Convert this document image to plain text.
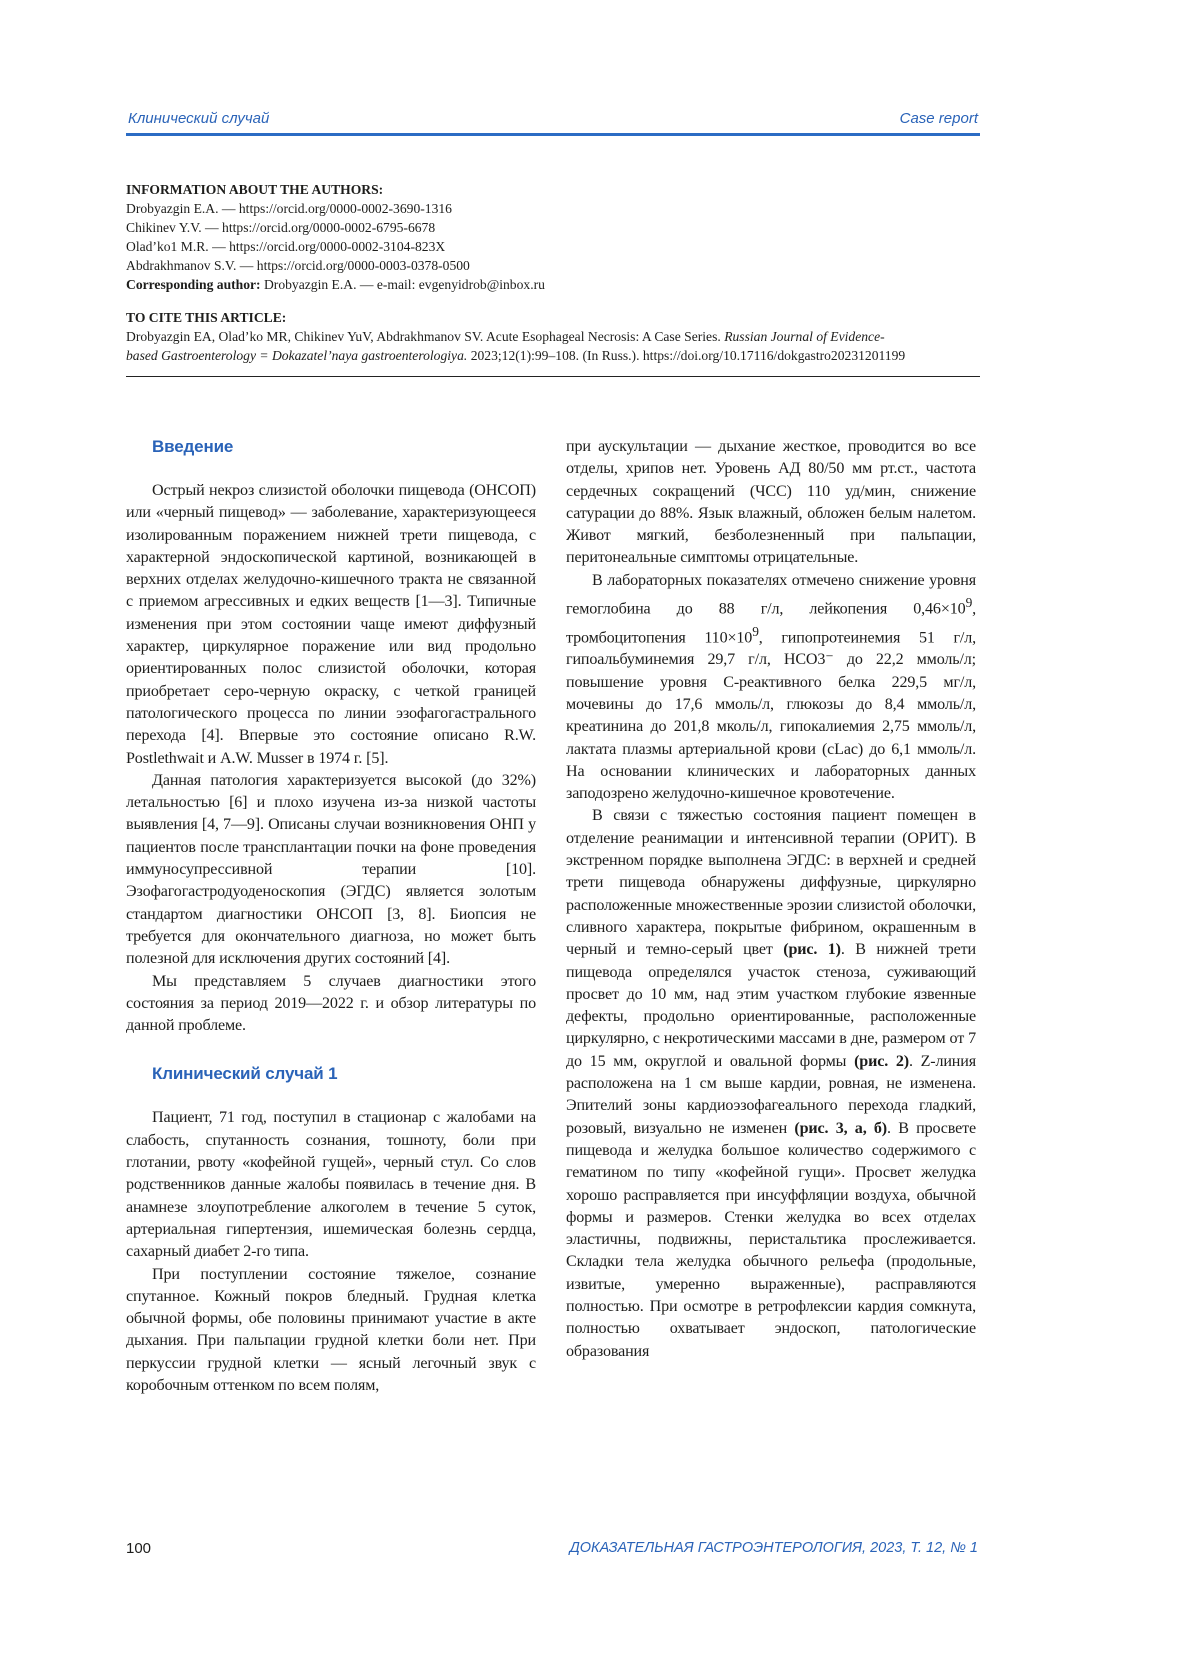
Клинический случай	Case report
INFORMATION ABOUT THE AUTHORS:
Drobyazgin E.A. — https://orcid.org/0000-0002-3690-1316
Chikinev Y.V. — https://orcid.org/0000-0002-6795-6678
Olad’ko1 M.R. — https://orcid.org/0000-0002-3104-823X
Abdrakhmanov S.V. — https://orcid.org/0000-0003-0378-0500
Corresponding author: Drobyazgin E.A. — e-mail: evgenyidrob@inbox.ru
TO CITE THIS ARTICLE:
Drobyazgin EA, Olad’ko MR, Chikinev YuV, Abdrakhmanov SV. Acute Esophageal Necrosis: A Case Series. Russian Journal of Evidence-
based Gastroenterology = Dokazatel’naya gastroenterologiya. 2023;12(1):99–108. (In Russ.). https://doi.org/10.17116/dokgastro20231201199
Введение

Острый некроз слизистой оболочки пищевода (ОНСОП) или «черный пищевод» — заболевание, характеризующееся изолированным поражением нижней трети пищевода, с характерной эндоскопической картиной, возникающей в верхних отделах желудочно-кишечного тракта не связанной с приемом агрессивных и едких веществ [1—3]. Типичные изменения при этом состоянии чаще имеют диффузный характер, циркулярное поражение или вид продольно ориентированных полос слизистой оболочки, которая приобретает серо-черную окраску, с четкой границей патологического процесса по линии эзофагогастрального перехода [4]. Впервые это состояние описано R.W. Postlethwait и A.W. Musser в 1974 г. [5].

Данная патология характеризуется высокой (до 32%) летальностью [6] и плохо изучена из-за низкой частоты выявления [4, 7—9]. Описаны случаи возникновения ОНП у пациентов после трансплантации почки на фоне проведения иммуносупрессивной терапии [10]. Эзофагогастродуоденоскопия (ЭГДС) является золотым стандартом диагностики ОНСОП [3, 8]. Биопсия не требуется для окончательного диагноза, но может быть полезной для исключения других состояний [4].

Мы представляем 5 случаев диагностики этого состояния за период 2019—2022 г. и обзор литературы по данной проблеме.

Клинический случай 1

Пациент, 71 год, поступил в стационар с жалобами на слабость, спутанность сознания, тошноту, боли при глотании, рвоту «кофейной гущей», черный стул. Со слов родственников данные жалобы появилась в течение дня. В анамнезе злоупотребление алкоголем в течение 5 суток, артериальная гипертензия, ишемическая болезнь сердца, сахарный диабет 2-го типа.

При поступлении состояние тяжелое, сознание спутанное. Кожный покров бледный. Грудная клетка обычной формы, обе половины принимают участие в акте дыхания. При пальпации грудной клетки боли нет. При перкуссии грудной клетки — ясный легочный звук с коробочным оттенком по всем полям,

при аускультации — дыхание жесткое, проводится во все отделы, хрипов нет. Уровень АД 80/50 мм рт.ст., частота сердечных сокращений (ЧСС) 110 уд/мин, снижение сатурации до 88%. Язык влажный, обложен белым налетом. Живот мягкий, безболезненный при пальпации, перитонеальные симптомы отрицательные.

В лабораторных показателях отмечено снижение уровня гемоглобина до 88 г/л, лейкопения $0,46\times 10^9$, тромбоцитопения $110\times 10^9$, гипопротеинемия 51 г/л, гипоальбуминемия 29,7 г/л, HCO3⁻ до 22,2 ммоль/л; повышение уровня C-реактивного белка 229,5 мг/л, мочевины до 17,6 ммоль/л, глюкозы до 8,4 ммоль/л, креатинина до 201,8 мколь/л, гипокалиемия 2,75 ммоль/л, лактата плазмы артериальной крови (cLac) до 6,1 ммоль/л. На основании клинических и лабораторных данных заподозрено желудочно-кишечное кровотечение.

В связи с тяжестью состояния пациент помещен в отделение реанимации и интенсивной терапии (ОРИТ). В экстренном порядке выполнена ЭГДС: в верхней и средней трети пищевода обнаружены диффузные, циркулярно расположенные множественные эрозии слизистой оболочки, сливного характера, покрытые фибрином, окрашенным в черный и темно-серый цвет (рис. 1). В нижней трети пищевода определялся участок стеноза, суживающий просвет до 10 мм, над этим участком глубокие язвенные дефекты, продольно ориентированные, расположенные циркулярно, с некротическими массами в дне, размером от 7 до 15 мм, округлой и овальной формы (рис. 2). Z-линия расположена на 1 см выше кардии, ровная, не изменена. Эпителий зоны кардиоэзофагеального перехода гладкий, розовый, визуально не изменен (рис. 3, а, б). В просвете пищевода и желудка большое количество содержимого с гематином по типу «кофейной гущи». Просвет желудка хорошо расправляется при инсуффляции воздуха, обычной формы и размеров. Стенки желудка во всех отделах эластичны, подвижны, перистальтика прослеживается. Складки тела желудка обычного рельефа (продольные, извитые, умеренно выраженные), расправляются полностью. При осмотре в ретрофлексии кардия сомкнута, полностью охватывает эндоскоп, патологические образования

100	ДОКАЗАТЕЛЬНАЯ ГАСТРОЭНТЕРОЛОГИЯ, 2023, Т. 12, № 1
